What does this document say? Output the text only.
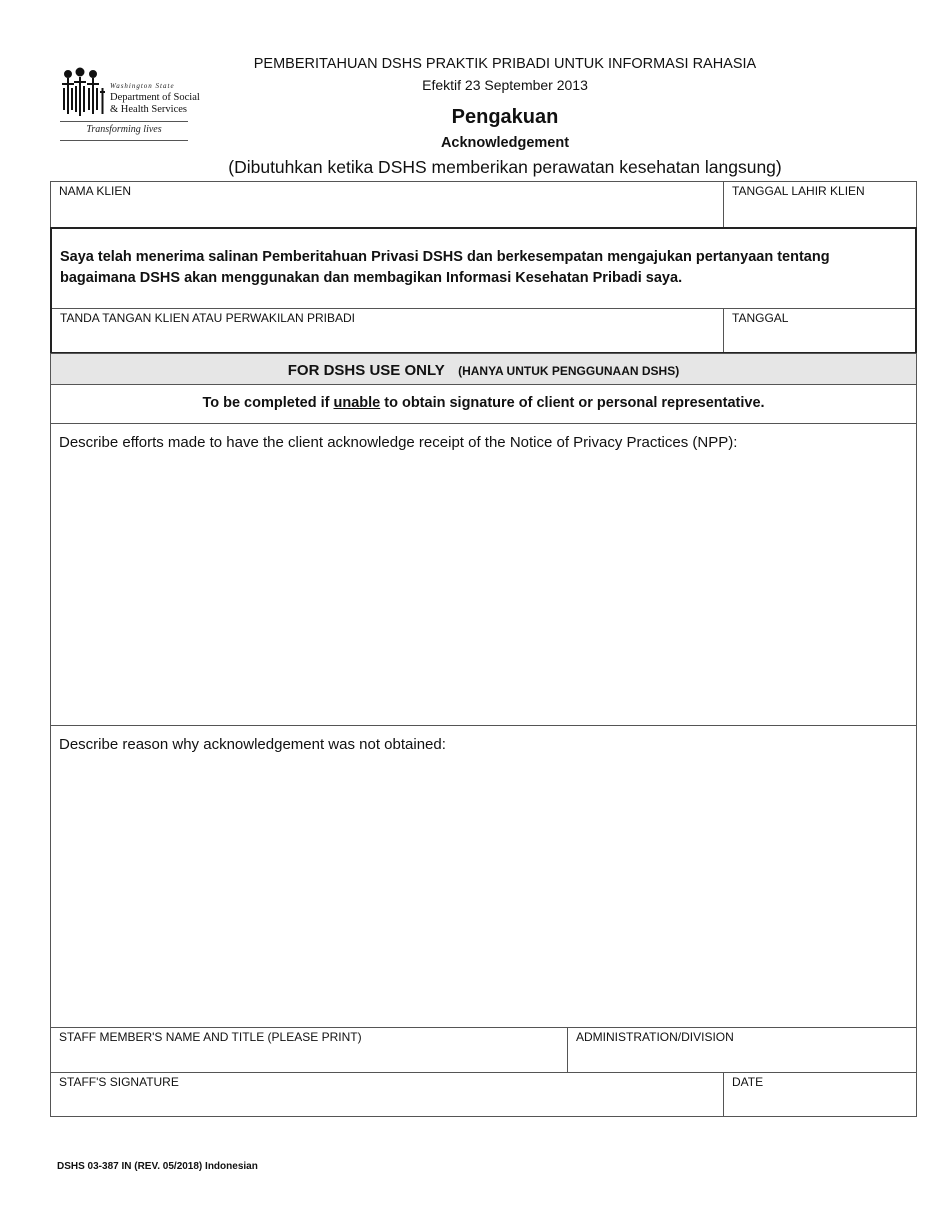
Washington State
Department of Social
& Health Services
Transforming lives
PEMBERITAHUAN DSHS PRAKTIK PRIBADI UNTUK INFORMASI RAHASIA
Efektif 23 September 2013
Pengakuan
Acknowledgement
(Dibutuhkan ketika DSHS memberikan perawatan kesehatan langsung)
NAMA KLIEN	TANGGAL LAHIR KLIEN
Saya telah menerima salinan Pemberitahuan Privasi DSHS dan berkesempatan mengajukan pertanyaan tentang bagaimana DSHS akan menggunakan dan membagikan Informasi Kesehatan Pribadi saya.
TANDA TANGAN KLIEN ATAU PERWAKILAN PRIBADI	TANGGAL
FOR DSHS USE ONLY (HANYA UNTUK PENGGUNAAN DSHS)
To be completed if unable to obtain signature of client or personal representative.
Describe efforts made to have the client acknowledge receipt of the Notice of Privacy Practices (NPP):
Describe reason why acknowledgement was not obtained:
STAFF MEMBER'S NAME AND TITLE (PLEASE PRINT)	ADMINISTRATION/DIVISION
STAFF'S SIGNATURE	DATE
DSHS 03-387 IN (REV. 05/2018) Indonesian
